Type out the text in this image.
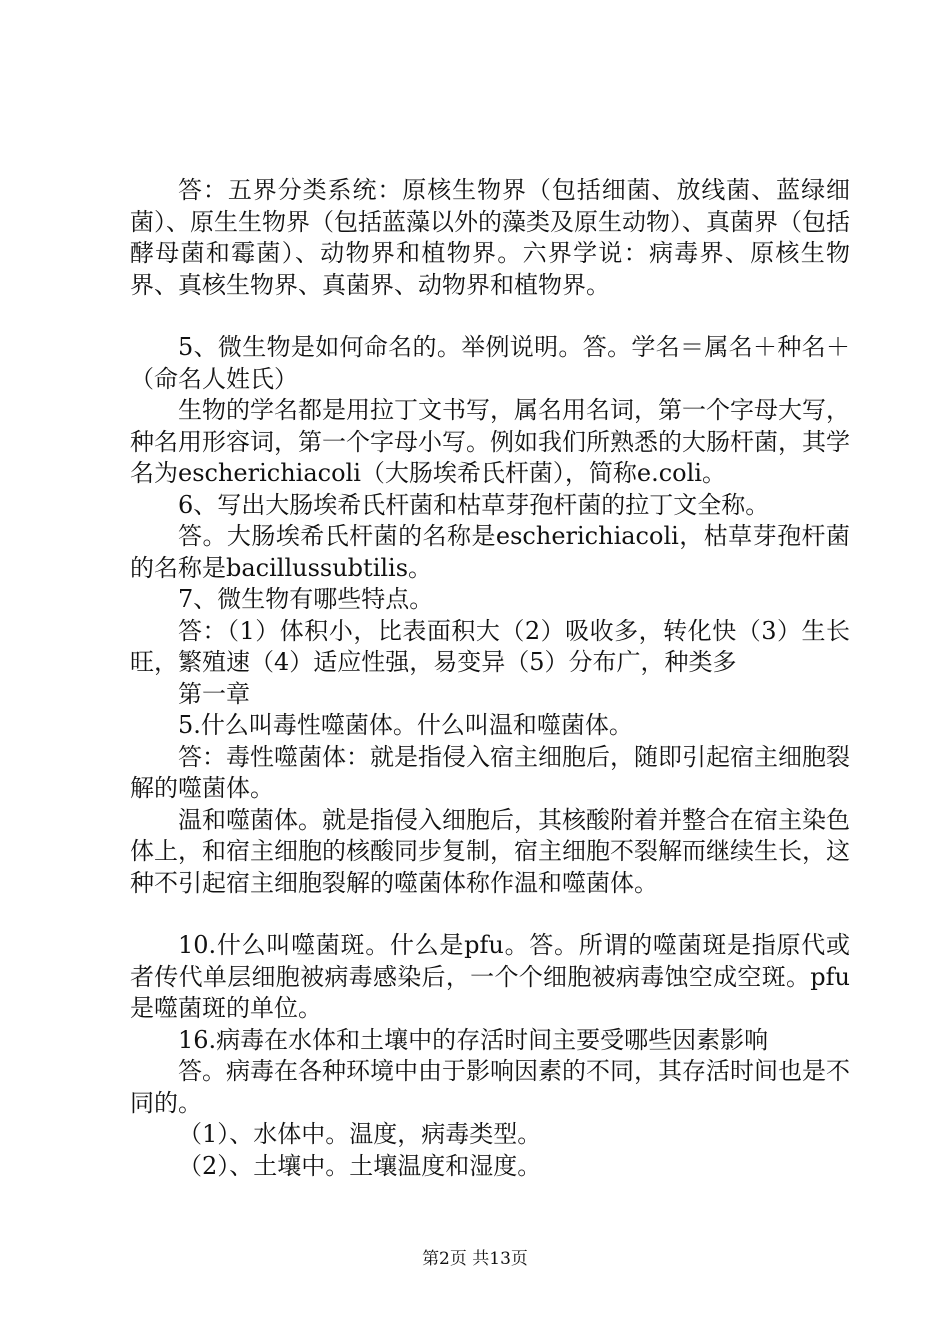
答：五界分类系统：原核生物界（包括细菌、放线菌、蓝绿细菌）、原生生物界（包括蓝藻以外的藻类及原生动物）、真菌界（包括酵母菌和霉菌）、动物界和植物界。六界学说：病毒界、原核生物界、真核生物界、真菌界、动物界和植物界。

5、微生物是如何命名的。举例说明。答。学名＝属名＋种名＋（命名人姓氏）

生物的学名都是用拉丁文书写，属名用名词，第一个字母大写，种名用形容词，第一个字母小写。例如我们所熟悉的大肠杆菌，其学名为escherichiacoli（大肠埃希氏杆菌），简称e.coli。

6、写出大肠埃希氏杆菌和枯草芽孢杆菌的拉丁文全称。

答。大肠埃希氏杆菌的名称是escherichiacoli，枯草芽孢杆菌的名称是bacillussubtilis。

7、微生物有哪些特点。

答：（1）体积小，比表面积大（2）吸收多，转化快（3）生长旺，繁殖速（4）适应性强，易变异（5）分布广，种类多

第一章

5.什么叫毒性噬菌体。什么叫温和噬菌体。

答：毒性噬菌体：就是指侵入宿主细胞后，随即引起宿主细胞裂解的噬菌体。

温和噬菌体。就是指侵入细胞后，其核酸附着并整合在宿主染色体上，和宿主细胞的核酸同步复制，宿主细胞不裂解而继续生长，这种不引起宿主细胞裂解的噬菌体称作温和噬菌体。

10.什么叫噬菌斑。什么是pfu。答。所谓的噬菌斑是指原代或者传代单层细胞被病毒感染后，一个个细胞被病毒蚀空成空斑。pfu是噬菌斑的单位。

16.病毒在水体和土壤中的存活时间主要受哪些因素影响

答。病毒在各种环境中由于影响因素的不同，其存活时间也是不同的。

（1）、水体中。温度，病毒类型。

（2）、土壤中。土壤温度和湿度。

第2页 共13页
